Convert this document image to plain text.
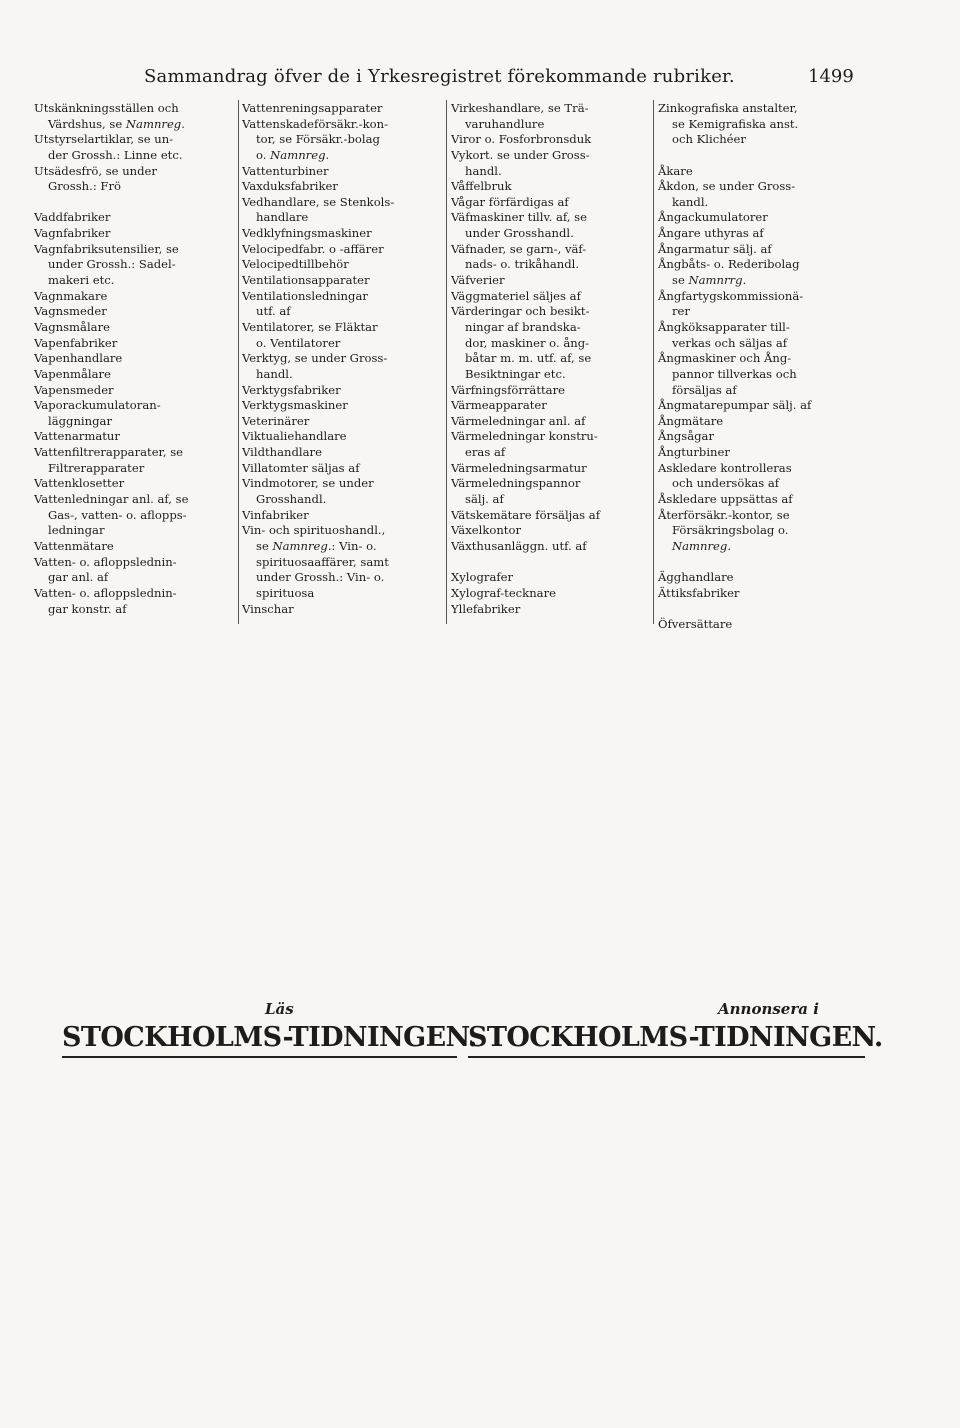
Sammandrag öfver de i Yrkesregistret förekommande rubriker.	1499
Utskänkningsställen och
Värdshus, se Namnreg.
Utstyrselartiklar, se un-
der Grossh.: Linne etc.
Utsädesfrö, se under
Grossh.: Frö
Vaddfabriker
Vagnfabriker
Vagnfabriksutensilier, se
under Grossh.: Sadel-
makeri etc.
Vagnmakare
Vagnsmeder
Vagnsmålare
Vapenfabriker
Vapenhandlare
Vapenmålare
Vapensmeder
Vaporackumulatoran-
läggningar
Vattenarmatur
Vattenfiltrerapparater, se
Filtrerapparater
Vattenklosetter
Vattenledningar anl. af, se
Gas-, vatten- o. aflopps-
ledningar
Vattenmätare
Vatten- o. afloppslednin-
gar anl. af
Vatten- o. afloppslednin-
gar konstr. af
Vattenreningsapparater
Vattenskadeförsäkr.-kon-
tor, se Försäkr.-bolag
o. Namnreg.
Vattenturbiner
Vaxduksfabriker
Vedhandlare, se Stenkols-
handlare
Vedklyfningsmaskiner
Velocipedfabr. o -affärer
Velocipedtillbehör
Ventilationsapparater
Ventilationsledningar
utf. af
Ventilatorer, se Fläktar
o. Ventilatorer
Verktyg, se under Gross-
handl.
Verktygsfabriker
Verktygsmaskiner
Veterinärer
Viktualiehandlare
Vildthandlare
Villatomter säljas af
Vindmotorer, se under
Grosshandl.
Vinfabriker
Vin- och spirituoshandl.,
se Namnreg.: Vin- o.
spirituosaaffärer, samt
under Grossh.: Vin- o.
spirituosa
Vinschar
Virkeshandlare, se Trä-
varuhandlure
Viror o. Fosforbronsduk
Vykort. se under Gross-
handl.
Våffelbruk
Vågar förfärdigas af
Väfmaskiner tillv. af, se
under Grosshandl.
Väfnader, se garn-, väf-
nads- o. trikåhandl.
Väfverier
Väggmateriel säljes af
Värderingar och besikt-
ningar af brandska-
dor, maskiner o. ång-
båtar m. m. utf. af, se
Besiktningar etc.
Värfningsförrättare
Värmeapparater
Värmeledningar anl. af
Värmeledningar konstru-
eras af
Värmeledningsarmatur
Värmeledningspannor
sälj. af
Vätskemätare försäljas af
Växelkontor
Växthusanläggn. utf. af
Xylografer
Xylograf-tecknare
Yllefabriker
Zinkografiska anstalter,
se Kemigrafiska anst.
och Klichéer
Åkare
Åkdon, se under Gross-
kandl.
Ångackumulatorer
Ångare uthyras af
Ångarmatur sälj. af
Ångbåts- o. Rederibolag
se Namnrrg.
Ångfartygskommissionä-
rer
Ångköksapparater till-
verkas och säljas af
Ångmaskiner och Ång-
pannor tillverkas och
försäljas af
Ångmatarepumpar sälj. af
Ångmätare
Ångsågar
Ångturbiner
Askledare kontrolleras
och undersökas af
Åskledare uppsättas af
Återförsäkr.-kontor, se
Försäkringsbolag o.
Namnreg.
Ägghandlare
Ättiksfabriker
Öfversättare
Läs	Annonsera i
STOCKHOLMS-TIDNINGEN.
STOCKHOLMS-TIDNINGEN.
